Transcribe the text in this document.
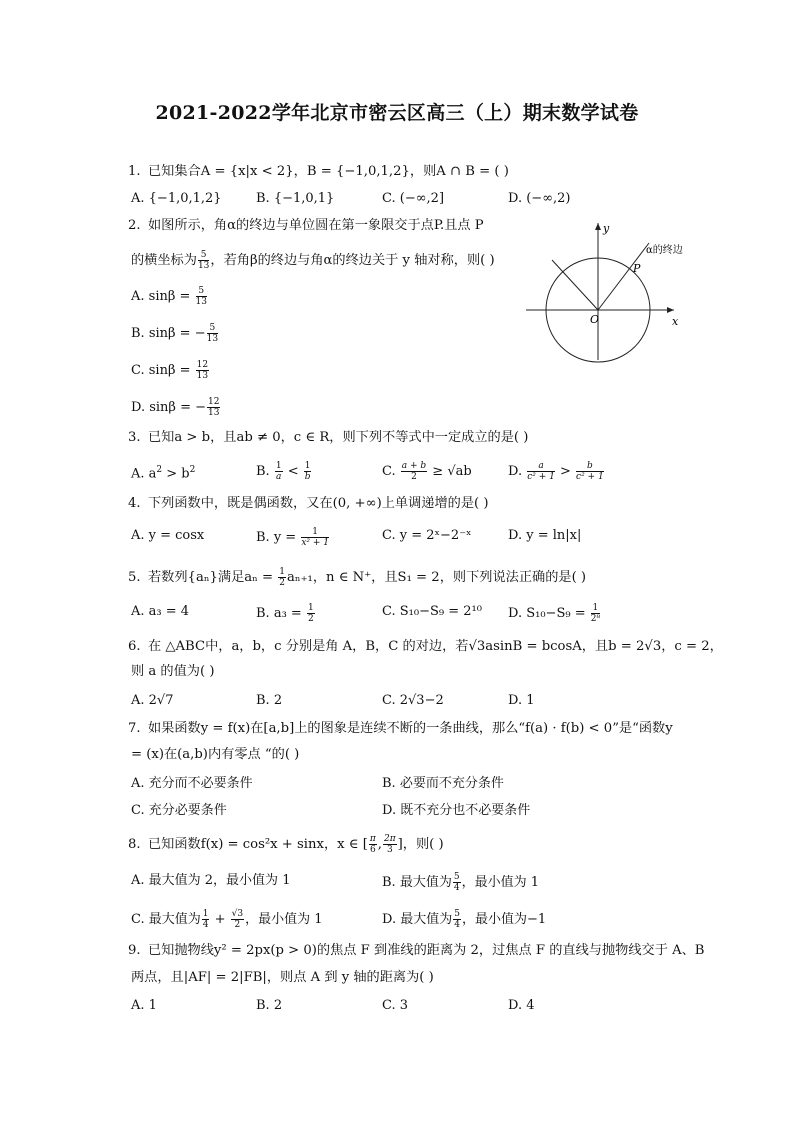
2021-2022学年北京市密云区高三（上）期末数学试卷
1. 已知集合A = {x|x < 2}，B = {−1,0,1,2}，则A ∩ B = ( )
A. {−1,0,1,2}	B. {−1,0,1}	C. (−∞,2]	D. (−∞,2)
2. 如图所示，角α的终边与单位圆在第一象限交于点P.且点 P
的横坐标为 $\frac{5}{13}$ ，若角β的终边与角α的终边关于 y 轴对称，则( )
A. $\sin\beta = \frac{5}{13}$
B. sinβ = − $\frac{5}{13}$
C. $\sin\beta = \frac{12}{13}$
D. sinβ = − $\frac{12}{13}$
y
x
O
P
α的终边
3. 已知a > b，且ab ≠ 0，c ∈ R，则下列不等式中一定成立的是( )
A. $a^2 > b^2$	B. $\frac{1}{a} < \frac{1}{b}$	C. $\frac{a + b}{2} \ge √ab$	D. $\frac{a}{\text{c² + 1}} > \frac{b}{\text{c² + 1}}$
4. 下列函数中，既是偶函数，又在(0, +∞)上单调递增的是( )
A. y = cosx	B. $y = \frac{1}{\text{x² + 1}}$	C. y = 2ˣ−2⁻ˣ	D. y = ln|x|
5. 若数列{aₙ}满足$a_n = \frac{1}{2} a_{n+1}$，n ∈ N⁺，且S₁ = 2，则下列说法正确的是( )
A. a₃ = 4	B. $a_3 = \frac{1}{2}$	C. S₁₀−S₉ = 2¹⁰ D. $S_{10}-S_9 = \frac{1}{\text{2⁸}}$
6. 在 △ABC中，a，b，c 分别是角 A，B，C 的对边，若√3asinB = bcosA，且b = 2√3，c = 2，
则 a 的值为( )
A. 2√7	B. 2	C. 2√3−2	D. 1
7. 如果函数y = f(x)在[a,b]上的图象是连续不断的一条曲线，那么“f(a) · f(b) < 0”是“函数y
= (x)在(a,b)内有零点 “的( )
A. 充分而不必要条件	B. 必要而不充分条件
C. 充分必要条件	D. 既不充分也不必要条件
8. 已知函数f(x) = cos²x + sinx，x ∈ [ $\frac{\pi}{6}$ , $\frac{2\pi}{3}$ ]，则( )
A. 最大值为 2，最小值为 1	B. 最大值为 $\frac{5}{4}$ ，最小值为 1
C. 最大值为 $\frac{1}{4} + \frac{√3}{2}$ ，最小值为 1	D. 最大值为 $\frac{5}{4}$ ，最小值为−1
9. 已知抛物线y² = 2px(p > 0)的焦点 F 到准线的距离为 2，过焦点 F 的直线与抛物线交于 A、B
两点，且|AF| = 2|FB|，则点 A 到 y 轴的距离为( )
A. 1	B. 2	C. 3	D. 4
